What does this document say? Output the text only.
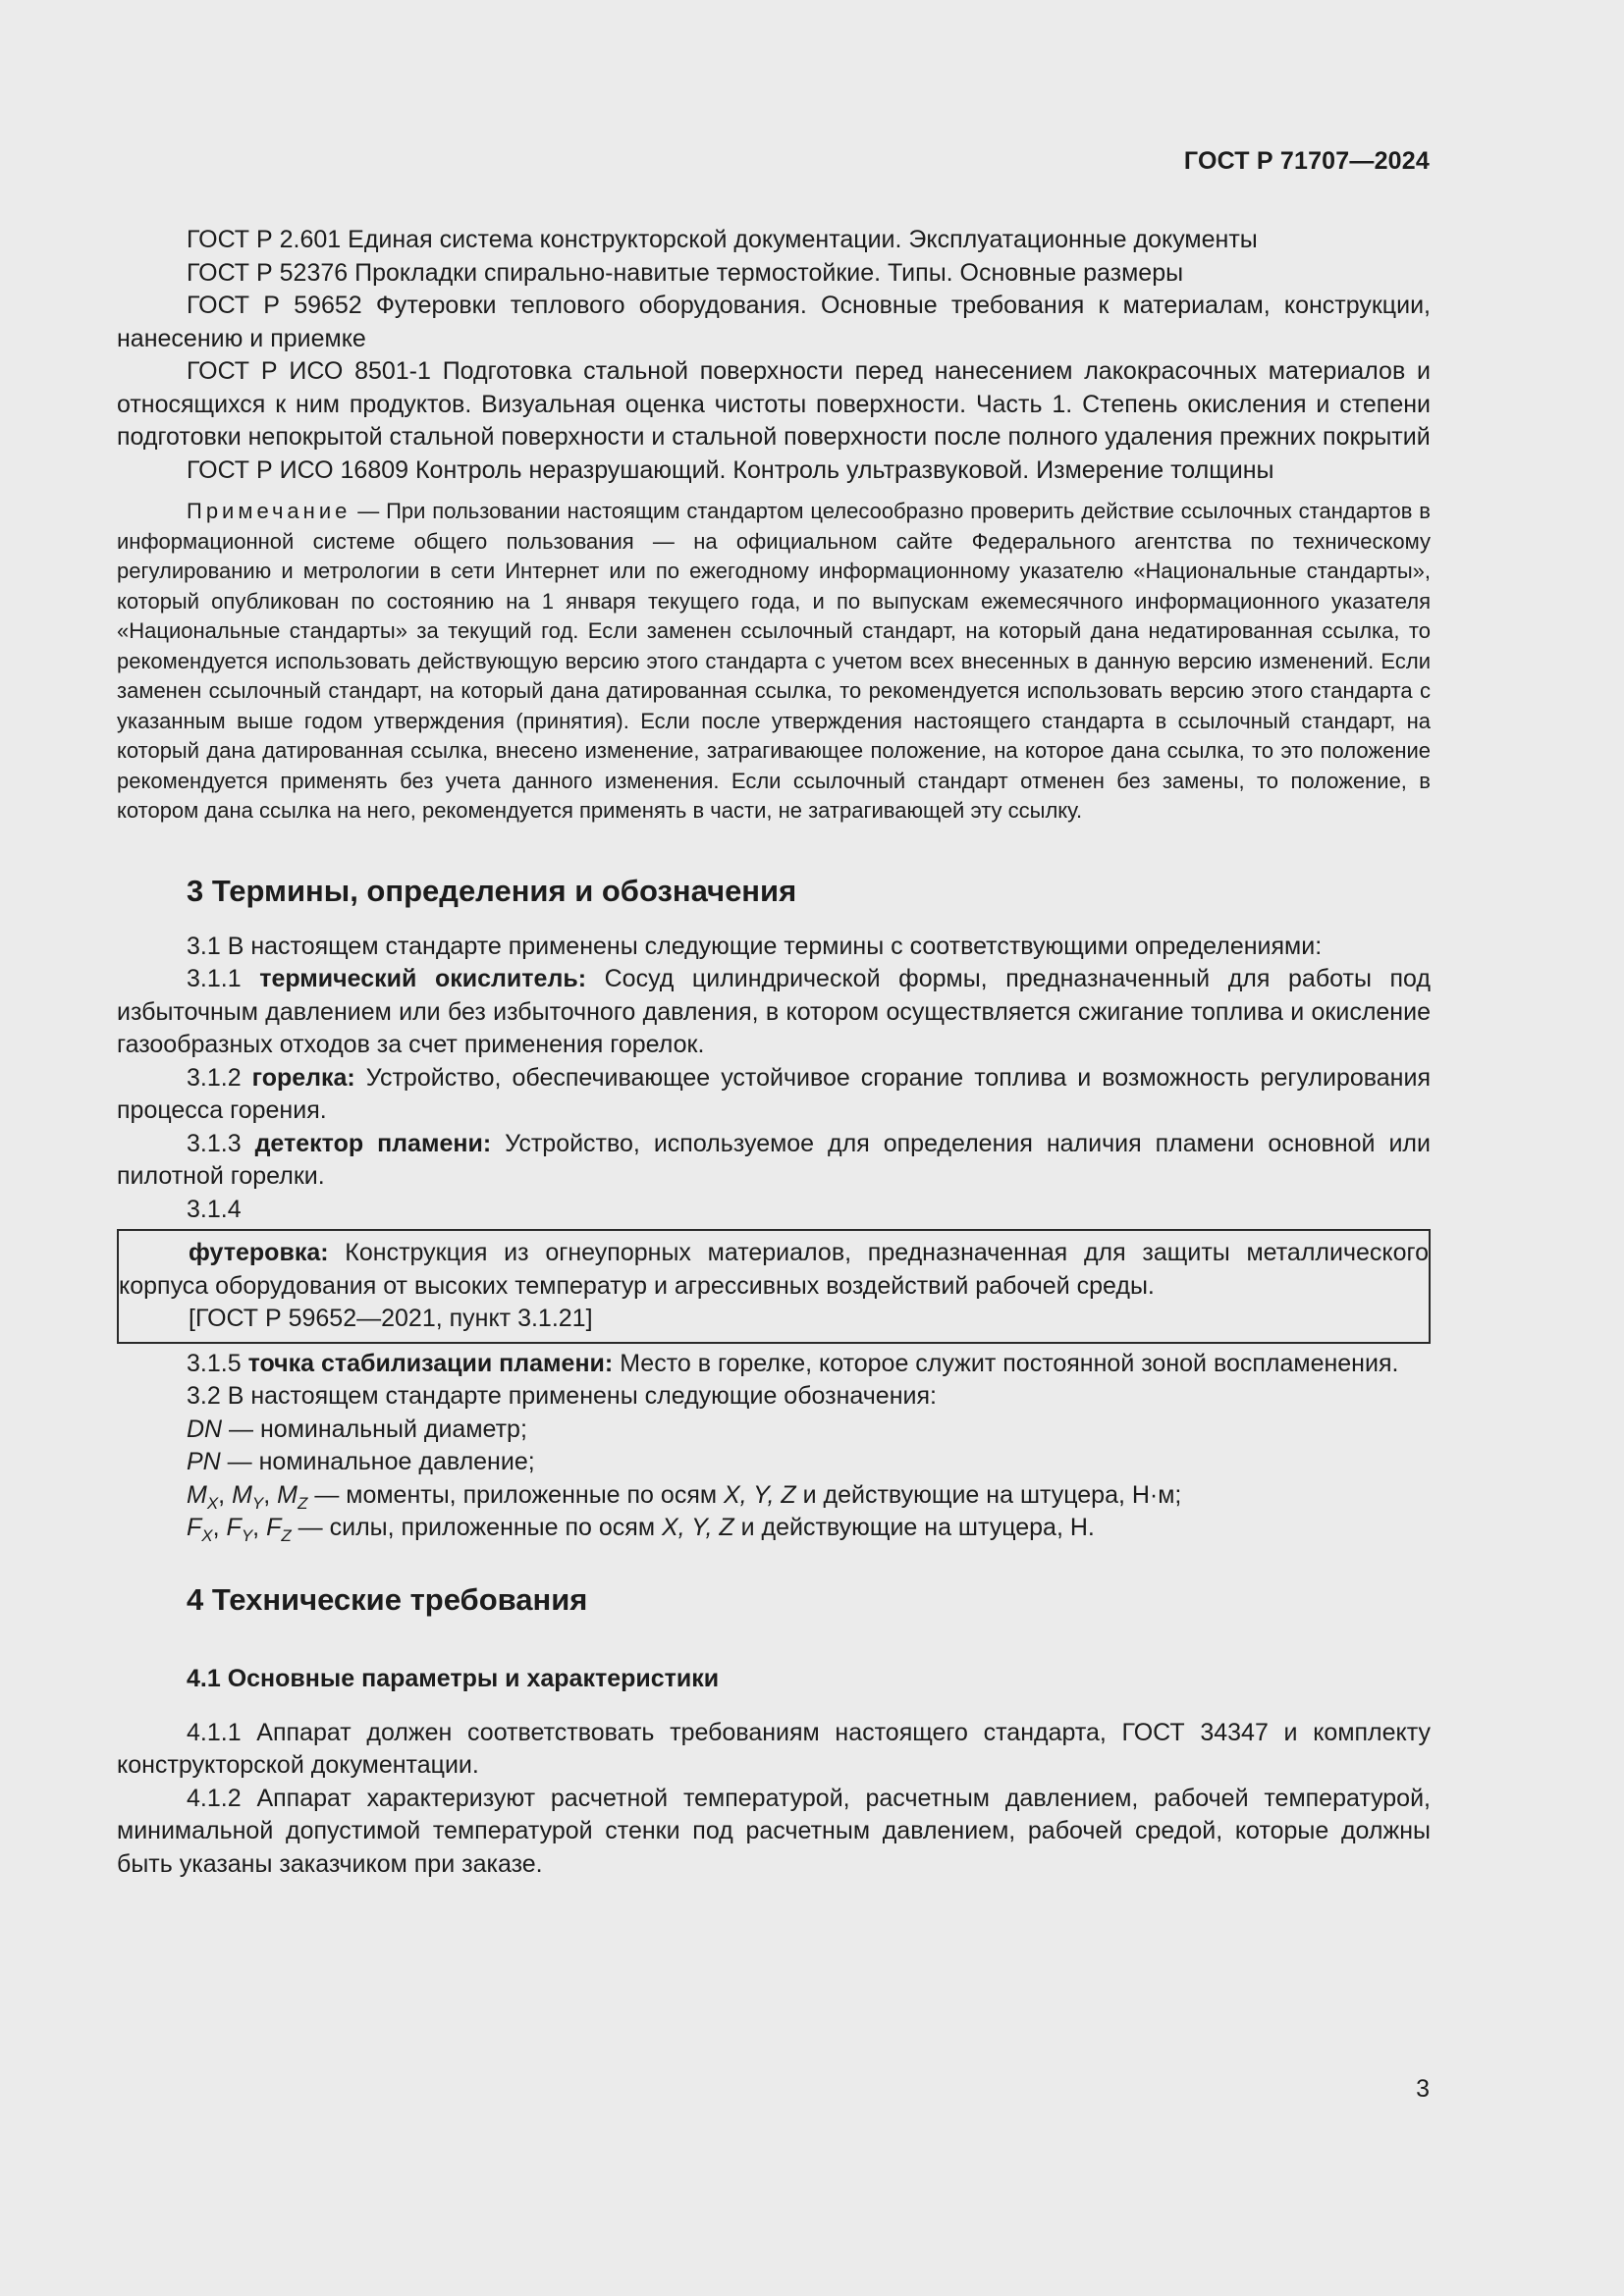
ГОСТ Р 71707—2024

ГОСТ Р 2.601 Единая система конструкторской документации. Эксплуатационные документы

ГОСТ Р 52376 Прокладки спирально-навитые термостойкие. Типы. Основные размеры

ГОСТ Р 59652 Футеровки теплового оборудования. Основные требования к материалам, конструкции, нанесению и приемке

ГОСТ Р ИСО 8501-1 Подготовка стальной поверхности перед нанесением лакокрасочных материалов и относящихся к ним продуктов. Визуальная оценка чистоты поверхности. Часть 1. Степень окисления и степени подготовки непокрытой стальной поверхности и стальной поверхности после полного удаления прежних покрытий

ГОСТ Р ИСО 16809 Контроль неразрушающий. Контроль ультразвуковой. Измерение толщины

Примечание — При пользовании настоящим стандартом целесообразно проверить действие ссылочных стандартов в информационной системе общего пользования — на официальном сайте Федерального агентства по техническому регулированию и метрологии в сети Интернет или по ежегодному информационному указателю «Национальные стандарты», который опубликован по состоянию на 1 января текущего года, и по выпускам ежемесячного информационного указателя «Национальные стандарты» за текущий год. Если заменен ссылочный стандарт, на который дана недатированная ссылка, то рекомендуется использовать действующую версию этого стандарта с учетом всех внесенных в данную версию изменений. Если заменен ссылочный стандарт, на который дана датированная ссылка, то рекомендуется использовать версию этого стандарта с указанным выше годом утверждения (принятия). Если после утверждения настоящего стандарта в ссылочный стандарт, на который дана датированная ссылка, внесено изменение, затрагивающее положение, на которое дана ссылка, то это положение рекомендуется применять без учета данного изменения. Если ссылочный стандарт отменен без замены, то положение, в котором дана ссылка на него, рекомендуется применять в части, не затрагивающей эту ссылку.

3 Термины, определения и обозначения

3.1 В настоящем стандарте применены следующие термины с соответствующими определениями:

3.1.1 термический окислитель: Сосуд цилиндрической формы, предназначенный для работы под избыточным давлением или без избыточного давления, в котором осуществляется сжигание топлива и окисление газообразных отходов за счет применения горелок.

3.1.2 горелка: Устройство, обеспечивающее устойчивое сгорание топлива и возможность регулирования процесса горения.

3.1.3 детектор пламени: Устройство, используемое для определения наличия пламени основной или пилотной горелки.

3.1.4

футеровка: Конструкция из огнеупорных материалов, предназначенная для защиты металлического корпуса оборудования от высоких температур и агрессивных воздействий рабочей среды.

[ГОСТ Р 59652—2021, пункт 3.1.21]

3.1.5 точка стабилизации пламени: Место в горелке, которое служит постоянной зоной воспламенения.

3.2 В настоящем стандарте применены следующие обозначения:

DN — номинальный диаметр;

PN — номинальное давление;

$M_X$, $M_Y$, $M_Z$ — моменты, приложенные по осям X, Y, Z и действующие на штуцера, Н·м;

$F_X$, $F_Y$, $F_Z$ — силы, приложенные по осям X, Y, Z и действующие на штуцера, Н.

4 Технические требования
4.1 Основные параметры и характеристики

4.1.1 Аппарат должен соответствовать требованиям настоящего стандарта, ГОСТ 34347 и комплекту конструкторской документации.

4.1.2 Аппарат характеризуют расчетной температурой, расчетным давлением, рабочей температурой, минимальной допустимой температурой стенки под расчетным давлением, рабочей средой, которые должны быть указаны заказчиком при заказе.

3
